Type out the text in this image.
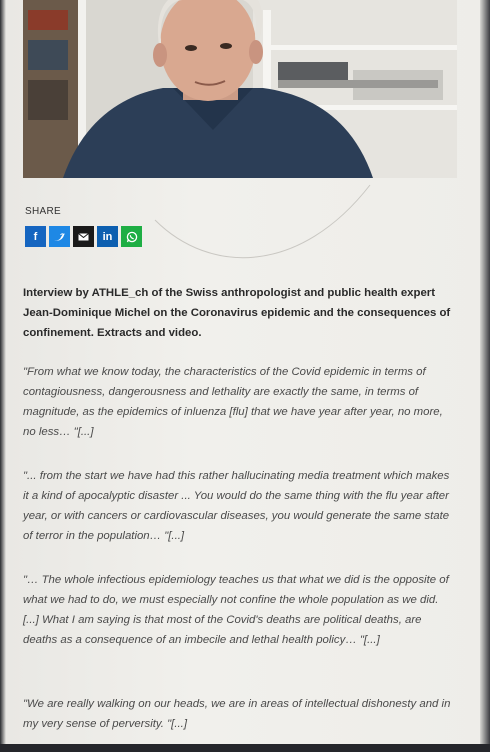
SHARE
f	in
Interview by ATHLE_ch of the Swiss anthropologist and public health expert Jean-Dominique Michel on the Coronavirus epidemic and the consequences of confinement. Extracts and video.
"From what we know today, the characteristics of the Covid epidemic in terms of contagiousness, dangerousness and lethality are exactly the same, in terms of magnitude, as the epidemics of inluenza [flu] that we have year after year, no more, no less… "[...]
"... from the start we have had this rather hallucinating media treatment which makes it a kind of apocalyptic disaster ... You would do the same thing with the flu year after year, or with cancers or cardiovascular diseases, you would generate the same state of terror in the population… "[...]
"… The whole infectious epidemiology teaches us that what we did is the opposite of what we had to do, we must especially not confine the whole population as we did. [...] What I am saying is that most of the Covid's deaths are political deaths, are deaths as a consequence of an imbecile and lethal health policy… "[...]
"We are really walking on our heads, we are in areas of intellectual dishonesty and in my very sense of perversity. "[...]
